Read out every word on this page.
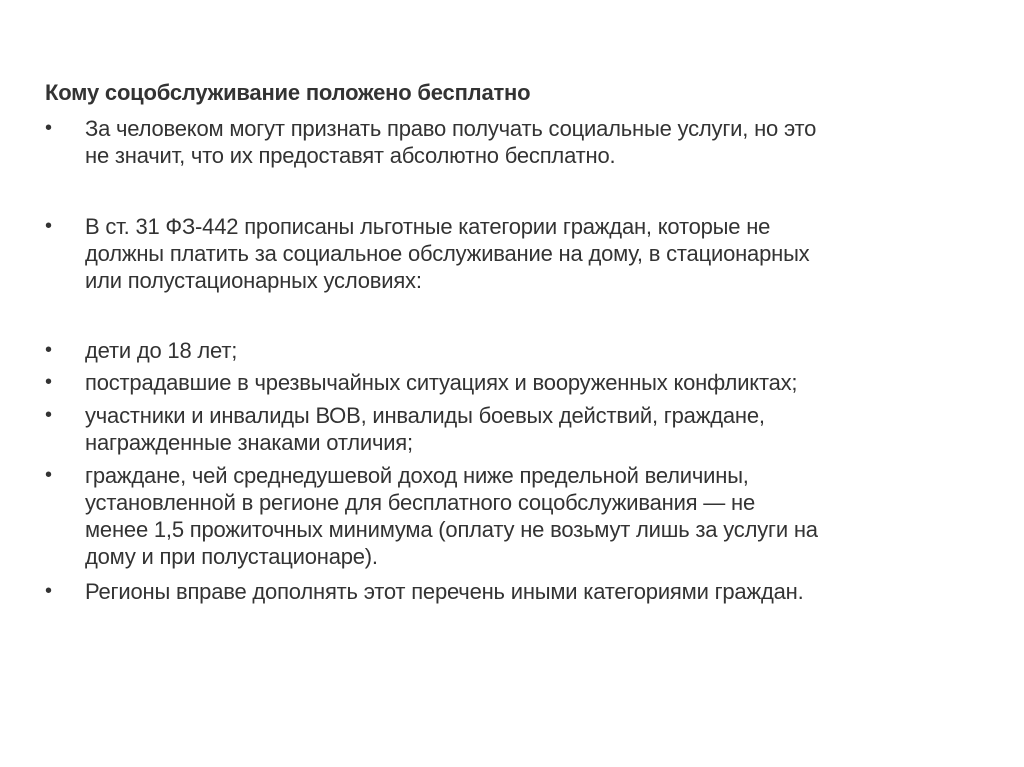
Кому соцобслуживание положено бесплатно
•	За человеком могут признать право получать социальные услуги, но это
не значит, что их предоставят абсолютно бесплатно.
•	В ст. 31 ФЗ-442 прописаны льготные категории граждан, которые не
должны платить за социальное обслуживание на дому, в стационарных
или полустационарных условиях:
•	дети до 18 лет;
•	пострадавшие в чрезвычайных ситуациях и вооруженных конфликтах;
•	участники и инвалиды ВОВ, инвалиды боевых действий, граждане,
награжденные знаками отличия;
•	граждане, чей среднедушевой доход ниже предельной величины,
установленной в регионе для бесплатного соцобслуживания — не
менее 1,5 прожиточных минимума (оплату не возьмут лишь за услуги на
дому и при полустационаре).
•	Регионы вправе дополнять этот перечень иными категориями граждан.
